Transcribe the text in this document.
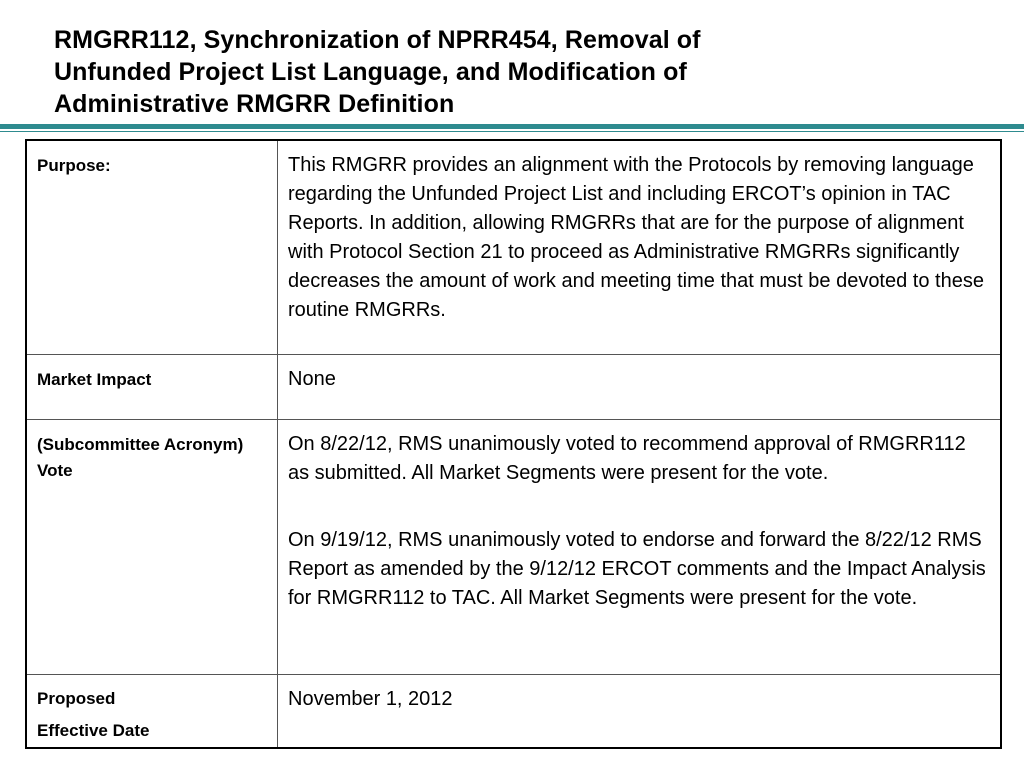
RMGRR112, Synchronization of NPRR454, Removal of
Unfunded Project List Language, and Modification of
Administrative RMGRR Definition
Purpose:	This RMGRR provides an alignment with the Protocols by removing language regarding the Unfunded Project List and including ERCOT’s opinion in TAC Reports. In addition, allowing RMGRRs that are for the purpose of alignment with Protocol Section 21 to proceed as Administrative RMGRRs significantly decreases the amount of work and meeting time that must be devoted to these routine RMGRRs.

Market Impact	None

(Subcommittee Acronym) Vote	On 8/22/12, RMS unanimously voted to recommend approval of RMGRR112 as submitted. All Market Segments were present for the vote.
On 9/19/12, RMS unanimously voted to endorse and forward the 8/22/12 RMS Report as amended by the 9/12/12 ERCOT comments and the Impact Analysis for RMGRR112 to TAC. All Market Segments were present for the vote.

Proposed Effective Date	November 1, 2012
